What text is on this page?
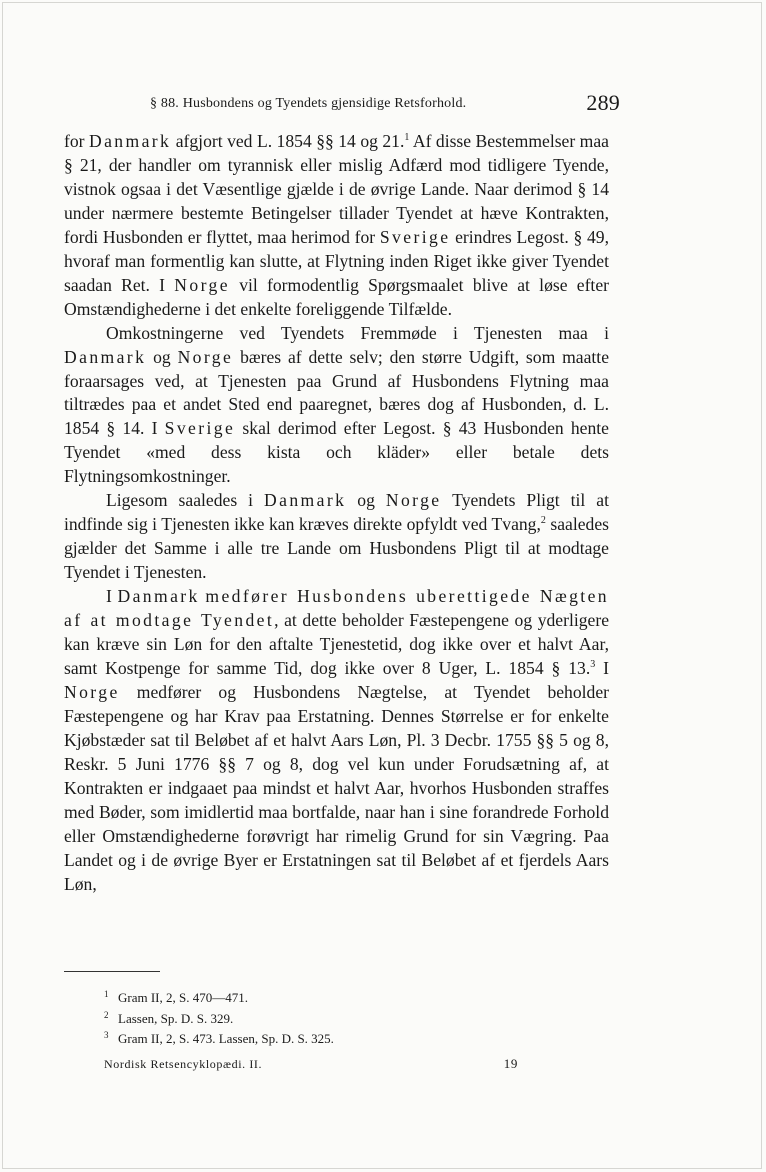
§ 88. Husbondens og Tyendets gjensidige Retsforhold.	289

for Danmark afgjort ved L. 1854 §§ 14 og 21.$^1$ Af disse Bestemmelser maa § 21, der handler om tyrannisk eller mislig Adfærd mod tidligere Tyende, vistnok ogsaa i det Væsentlige gjælde i de øvrige Lande. Naar derimod § 14 under nærmere bestemte Betingelser tillader Tyendet at hæve Kontrakten, fordi Husbonden er flyttet, maa herimod for Sverige erindres Legost. § 49, hvoraf man formentlig kan slutte, at Flytning inden Riget ikke giver Tyendet saadan Ret. I Norge vil formodentlig Spørgsmaalet blive at løse efter Omstændighederne i det enkelte foreliggende Tilfælde.

Omkostningerne ved Tyendets Fremmøde i Tjenesten maa i Danmark og Norge bæres af dette selv; den større Udgift, som maatte foraarsages ved, at Tjenesten paa Grund af Husbondens Flytning maa tiltrædes paa et andet Sted end paaregnet, bæres dog af Husbonden, d. L. 1854 § 14. I Sverige skal derimod efter Legost. § 43 Husbonden hente Tyendet «med dess kista och kläder» eller betale dets Flytningsomkostninger.

Ligesom saaledes i Danmark og Norge Tyendets Pligt til at indfinde sig i Tjenesten ikke kan kræves direkte opfyldt ved Tvang,$^2$ saaledes gjælder det Samme i alle tre Lande om Husbondens Pligt til at modtage Tyendet i Tjenesten.

I Danmark medfører Husbondens uberettigede Nægten af at modtage Tyendet, at dette beholder Fæstepengene og yderligere kan kræve sin Løn for den aftalte Tjenestetid, dog ikke over et halvt Aar, samt Kostpenge for samme Tid, dog ikke over 8 Uger, L. 1854 § 13.$^3$ I Norge medfører og Husbondens Nægtelse, at Tyendet beholder Fæstepengene og har Krav paa Erstatning. Dennes Størrelse er for enkelte Kjøbstæder sat til Beløbet af et halvt Aars Løn, Pl. 3 Decbr. 1755 §§ 5 og 8, Reskr. 5 Juni 1776 §§ 7 og 8, dog vel kun under Forudsætning af, at Kontrakten er indgaaet paa mindst et halvt Aar, hvorhos Husbonden straffes med Bøder, som imidlertid maa bortfalde, naar han i sine forandrede Forhold eller Omstændighederne forøvrigt har rimelig Grund for sin Vægring. Paa Landet og i de øvrige Byer er Erstatningen sat til Beløbet af et fjerdels Aars Løn,

1 Gram II, 2, S. 470—471.
2 Lassen, Sp. D. S. 329.
3 Gram II, 2, S. 473. Lassen, Sp. D. S. 325.
Nordisk Retsencyklopædi. II.	19
